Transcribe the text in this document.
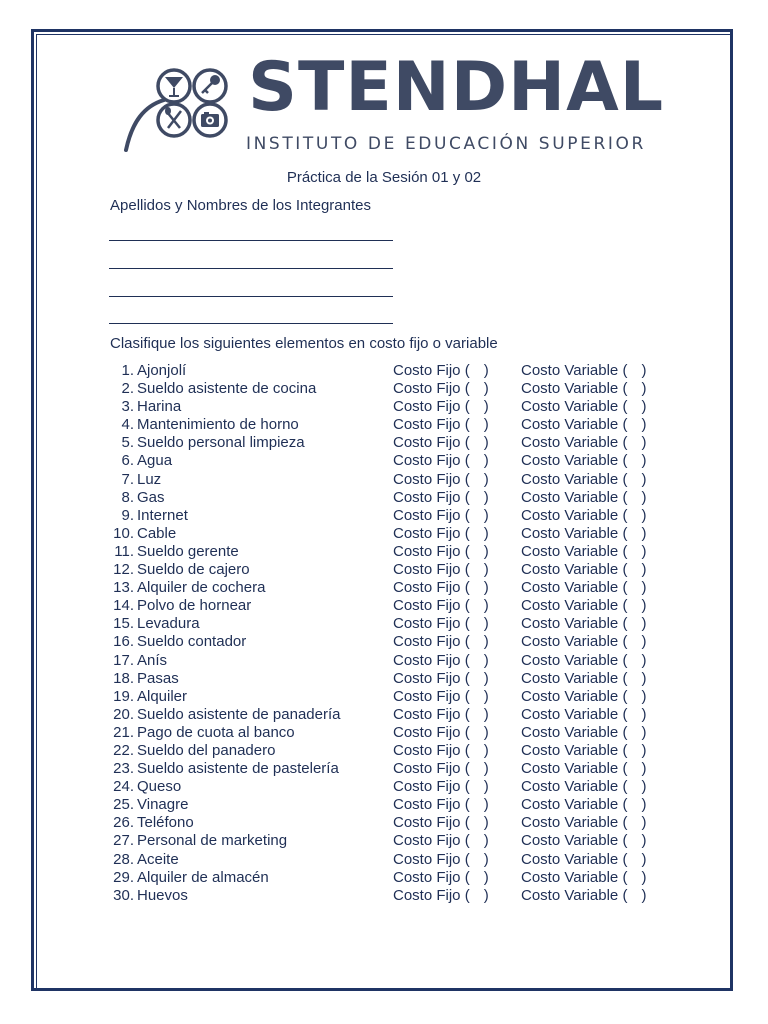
STENDHAL
INSTITUTO DE EDUCACIÓN SUPERIOR
Práctica de la Sesión 01 y 02
Apellidos y Nombres de los Integrantes
Clasifique los siguientes elementos en costo fijo o variable
1. Ajonjolí	Costo Fijo ( ) Costo Variable ( )
2. Sueldo asistente de cocina	Costo Fijo ( ) Costo Variable ( )
3. Harina	Costo Fijo ( ) Costo Variable ( )
4. Mantenimiento de horno	Costo Fijo ( ) Costo Variable ( )
5. Sueldo personal limpieza	Costo Fijo ( ) Costo Variable ( )
6. Agua	Costo Fijo ( ) Costo Variable ( )
7. Luz	Costo Fijo ( ) Costo Variable ( )
8. Gas	Costo Fijo ( ) Costo Variable ( )
9. Internet	Costo Fijo ( ) Costo Variable ( )
10. Cable	Costo Fijo ( ) Costo Variable ( )
11. Sueldo gerente	Costo Fijo ( ) Costo Variable ( )
12. Sueldo de cajero	Costo Fijo ( ) Costo Variable ( )
13. Alquiler de cochera	Costo Fijo ( ) Costo Variable ( )
14. Polvo de hornear	Costo Fijo ( ) Costo Variable ( )
15. Levadura	Costo Fijo ( ) Costo Variable ( )
16. Sueldo contador	Costo Fijo ( ) Costo Variable ( )
17. Anís	Costo Fijo ( ) Costo Variable ( )
18. Pasas	Costo Fijo ( ) Costo Variable ( )
19. Alquiler	Costo Fijo ( ) Costo Variable ( )
20. Sueldo asistente de panadería	Costo Fijo ( ) Costo Variable ( )
21. Pago de cuota al banco	Costo Fijo ( ) Costo Variable ( )
22. Sueldo del panadero	Costo Fijo ( ) Costo Variable ( )
23. Sueldo asistente de pastelería	Costo Fijo ( ) Costo Variable ( )
24. Queso	Costo Fijo ( ) Costo Variable ( )
25. Vinagre	Costo Fijo ( ) Costo Variable ( )
26. Teléfono	Costo Fijo ( ) Costo Variable ( )
27. Personal de marketing	Costo Fijo ( ) Costo Variable ( )
28. Aceite	Costo Fijo ( ) Costo Variable ( )
29. Alquiler de almacén	Costo Fijo ( ) Costo Variable ( )
30. Huevos	Costo Fijo ( ) Costo Variable ( )
